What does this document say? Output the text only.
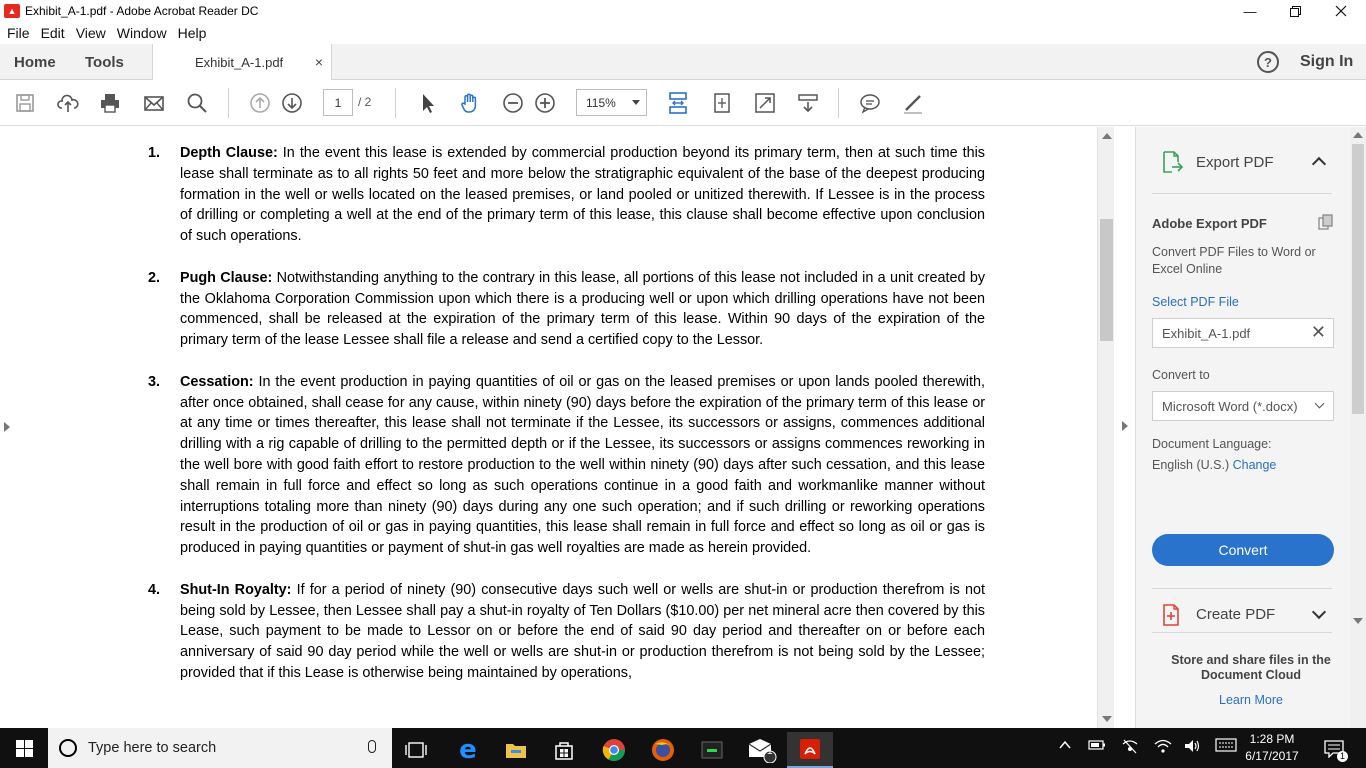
▲ Exhibit_A-1.pdf - Adobe Acrobat Reader DC	—
File Edit View Window Help
Home Tools	Exhibit_A-1.pdf ×	?	Sign In
1	/ 2	115%
1.	Depth Clause: In the event this lease is extended by commercial production beyond its primary term, then at such time this lease shall terminate as to all rights 50 feet and more below the stratigraphic equivalent of the base of the deepest producing formation in the well or wells located on the leased premises, or land pooled or unitized therewith. If Lessee is in the process of drilling or completing a well at the end of the primary term of this lease, this clause shall become effective upon conclusion of such operations.
2.	Pugh Clause: Notwithstanding anything to the contrary in this lease, all portions of this lease not included in a unit created by the Oklahoma Corporation Commission upon which there is a producing well or upon which drilling operations have not been commenced, shall be released at the expiration of the primary term of this lease. Within 90 days of the expiration of the primary term of the lease Lessee shall file a release and send a certified copy to the Lessor.
3.	Cessation: In the event production in paying quantities of oil or gas on the leased premises or upon lands pooled therewith, after once obtained, shall cease for any cause, within ninety (90) days before the expiration of the primary term of this lease or at any time or times thereafter, this lease shall not terminate if the Lessee, its successors or assigns, commences additional drilling with a rig capable of drilling to the permitted depth or if the Lessee, its successors or assigns commences reworking in the well bore with good faith effort to restore production to the well within ninety (90) days after such cessation, and this lease shall remain in full force and effect so long as such operations continue in a good faith and workmanlike manner without interruptions totaling more than ninety (90) days during any one such operation; and if such drilling or reworking operations result in the production of oil or gas in paying quantities, this lease shall remain in full force and effect so long as oil or gas is produced in paying quantities or payment of shut-in gas well royalties are made as herein provided.
4.	Shut-In Royalty: If for a period of ninety (90) consecutive days such well or wells are shut-in or production therefrom is not being sold by Lessee, then Lessee shall pay a shut-in royalty of Ten Dollars ($10.00) per net mineral acre then covered by this Lease, such payment to be made to Lessor on or before the end of said 90 day period and thereafter on or before each anniversary of said 90 day period while the well or wells are shut-in or production therefrom is not being sold by the Lessee; provided that if this Lease is otherwise being maintained by operations,
Export PDF
Adobe Export PDF
Convert PDF Files to Word or Excel Online
Select PDF File
Exhibit_A-1.pdf	✕
Convert to
Microsoft Word (*.docx)
Document Language:
English (U.S.) Change
Convert
Create PDF
Store and share files in the Document Cloud
Learn More
Type here to search	e	1
1:28 PM
6/17/2017	1
